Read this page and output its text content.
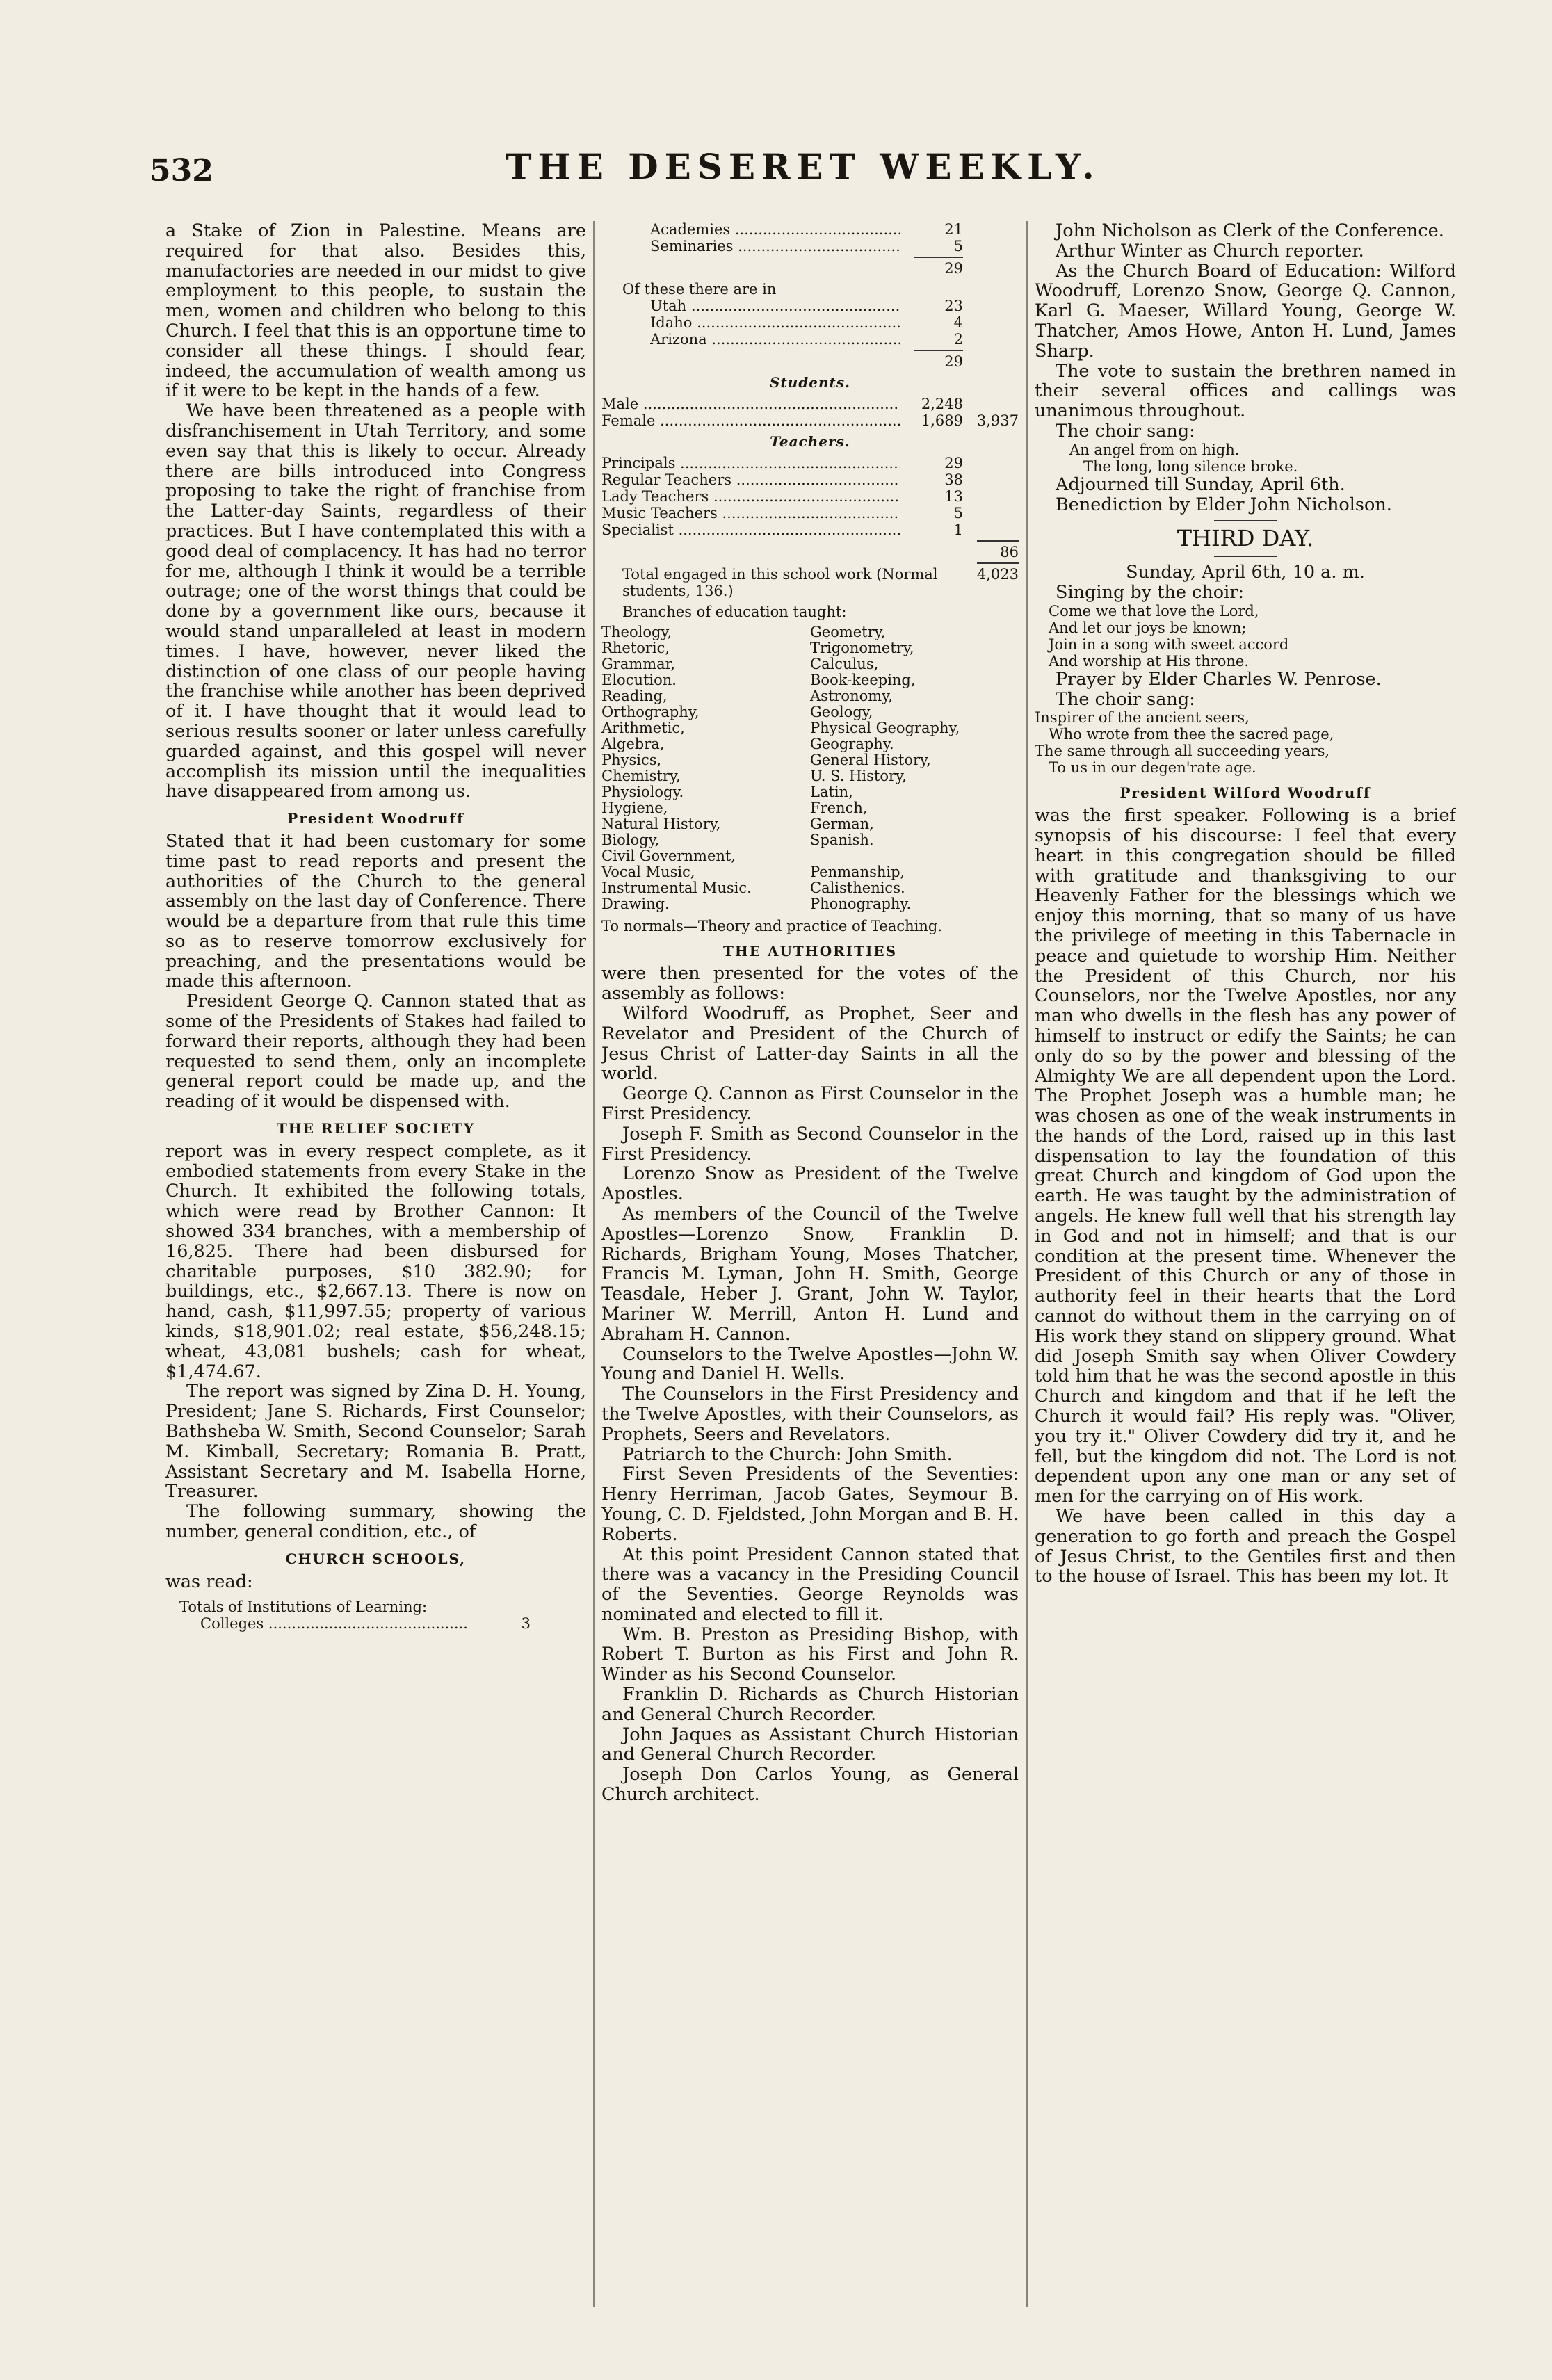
532	THE DESERET WEEKLY.

a Stake of Zion in Palestine. Means are required for that also. Besides this, manufactories are needed in our midst to give employment to this people, to sustain the men, women and children who belong to this Church. I feel that this is an opportune time to consider all these things. I should fear, indeed, the accumulation of wealth among us if it were to be kept in the hands of a few.

We have been threatened as a people with disfranchisement in Utah Territory, and some even say that this is likely to occur. Already there are bills introduced into Congress proposing to take the right of franchise from the Latter-day Saints, regardless of their practices. But I have contemplated this with a good deal of complacency. It has had no terror for me, although I think it would be a terrible outrage; one of the worst things that could be done by a government like ours, because it would stand unparalleled at least in modern times. I have, however, never liked the distinction of one class of our people having the franchise while another has been deprived of it. I have thought that it would lead to serious results sooner or later unless carefully guarded against, and this gospel will never accomplish its mission until the inequalities have disappeared from among us.

President Woodruff

Stated that it had been customary for some time past to read reports and present the authorities of the Church to the general assembly on the last day of Conference. There would be a departure from that rule this time so as to reserve tomorrow exclusively for preaching, and the presentations would be made this afternoon.

President George Q. Cannon stated that as some of the Presidents of Stakes had failed to forward their reports, although they had been requested to send them, only an incomplete general report could be made up, and the reading of it would be dispensed with.

THE RELIEF SOCIETY

report was in every respect complete, as it embodied statements from every Stake in the Church. It exhibited the following totals, which were read by Brother Cannon: It showed 334 branches, with a membership of 16,825. There had been disbursed for charitable purposes, $10 382.90; for buildings, etc., $2,667.13. There is now on hand, cash, $11,997.55; property of various kinds, $18,901.02; real estate, $56,248.15; wheat, 43,081 bushels; cash for wheat, $1,474.67.

The report was signed by Zina D. H. Young, President; Jane S. Richards, First Counselor; Bathsheba W. Smith, Second Counselor; Sarah M. Kimball, Secretary; Romania B. Pratt, Assistant Secretary and M. Isabella Horne, Treasurer.

The following summary, showing the number, general condition, etc., of

CHURCH SCHOOLS,

was read:

Totals of Institutions of Learning:
Colleges .....	3
Academies .....	21
Seminaries .....	5
29
Of these there are in
Utah .....	23
Idaho .....	4
Arizona .....	2
29
Students.
Male .....	2,248
Female .....	1,689 3,937
Teachers.
Principals .....	29
Regular Teachers .....	38
Lady Teachers .....	13
Music Teachers .....	5
Specialist .....	1
86
Total engaged in this school work (Normal students, 136.)
4,023
Branches of education taught:
Theology,	Geometry,
Rhetoric,	Trigonometry,
Grammar,	Calculus,
Elocution.	Book-keeping,
Reading,	Astronomy,
Orthography,	Geology,
Arithmetic,	Physical Geography,
Algebra,	Geography.
Physics,	General History,
Chemistry,	U. S. History,
Physiology.	Latin,
Hygiene,	French,
Natural History,	German,
Biology,	Spanish.
Civil Government,
Vocal Music,	Penmanship,
Instrumental Music.	Calisthenics.
Drawing.	Phonography.
To normals—Theory and practice of Teaching.
THE AUTHORITIES

were then presented for the votes of the assembly as follows:

Wilford Woodruff, as Prophet, Seer and Revelator and President of the Church of Jesus Christ of Latter-day Saints in all the world.

George Q. Cannon as First Counselor in the First Presidency.

Joseph F. Smith as Second Counselor in the First Presidency.

Lorenzo Snow as President of the Twelve Apostles.

As members of the Council of the Twelve Apostles—Lorenzo Snow, Franklin D. Richards, Brigham Young, Moses Thatcher, Francis M. Lyman, John H. Smith, George Teasdale, Heber J. Grant, John W. Taylor, Mariner W. Merrill, Anton H. Lund and Abraham H. Cannon.

Counselors to the Twelve Apostles—John W. Young and Daniel H. Wells.

The Counselors in the First Presidency and the Twelve Apostles, with their Counselors, as Prophets, Seers and Revelators.

Patriarch to the Church: John Smith.

First Seven Presidents of the Seventies: Henry Herriman, Jacob Gates, Seymour B. Young, C. D. Fjeldsted, John Morgan and B. H. Roberts.

At this point President Cannon stated that there was a vacancy in the Presiding Council of the Seventies. George Reynolds was nominated and elected to fill it.

Wm. B. Preston as Presiding Bishop, with Robert T. Burton as his First and John R. Winder as his Second Counselor.

Franklin D. Richards as Church Historian and General Church Recorder.

John Jaques as Assistant Church Historian and General Church Recorder.

Joseph Don Carlos Young, as General Church architect.

John Nicholson as Clerk of the Conference.

Arthur Winter as Church reporter.

As the Church Board of Education: Wilford Woodruff, Lorenzo Snow, George Q. Cannon, Karl G. Maeser, Willard Young, George W. Thatcher, Amos Howe, Anton H. Lund, James Sharp.

The vote to sustain the brethren named in their several offices and callings was unanimous throughout.

The choir sang:

An angel from on high.
The long, long silence broke.

Adjourned till Sunday, April 6th.

Benediction by Elder John Nicholson.

THIRD DAY.

Sunday, April 6th, 10 a. m.

Singing by the choir:

Come we that love the Lord,
And let our joys be known;
Join in a song with sweet accord
And worship at His throne.

Prayer by Elder Charles W. Penrose.

The choir sang:

Inspirer of the ancient seers,
Who wrote from thee the sacred page,
The same through all succeeding years,
To us in our degen'rate age.
President Wilford Woodruff

was the first speaker. Following is a brief synopsis of his discourse: I feel that every heart in this congregation should be filled with gratitude and thanksgiving to our Heavenly Father for the blessings which we enjoy this morning, that so many of us have the privilege of meeting in this Tabernacle in peace and quietude to worship Him. Neither the President of this Church, nor his Counselors, nor the Twelve Apostles, nor any man who dwells in the flesh has any power of himself to instruct or edify the Saints; he can only do so by the power and blessing of the Almighty We are all dependent upon the Lord. The Prophet Joseph was a humble man; he was chosen as one of the weak instruments in the hands of the Lord, raised up in this last dispensation to lay the foundation of this great Church and kingdom of God upon the earth. He was taught by the administration of angels. He knew full well that his strength lay in God and not in himself; and that is our condition at the present time. Whenever the President of this Church or any of those in authority feel in their hearts that the Lord cannot do without them in the carrying on of His work they stand on slippery ground. What did Joseph Smith say when Oliver Cowdery told him that he was the second apostle in this Church and kingdom and that if he left the Church it would fail? His reply was. "Oliver, you try it." Oliver Cowdery did try it, and he fell, but the kingdom did not. The Lord is not dependent upon any one man or any set of men for the carrying on of His work.

We have been called in this day a generation to go forth and preach the Gospel of Jesus Christ, to the Gentiles first and then to the house of Israel. This has been my lot. It
